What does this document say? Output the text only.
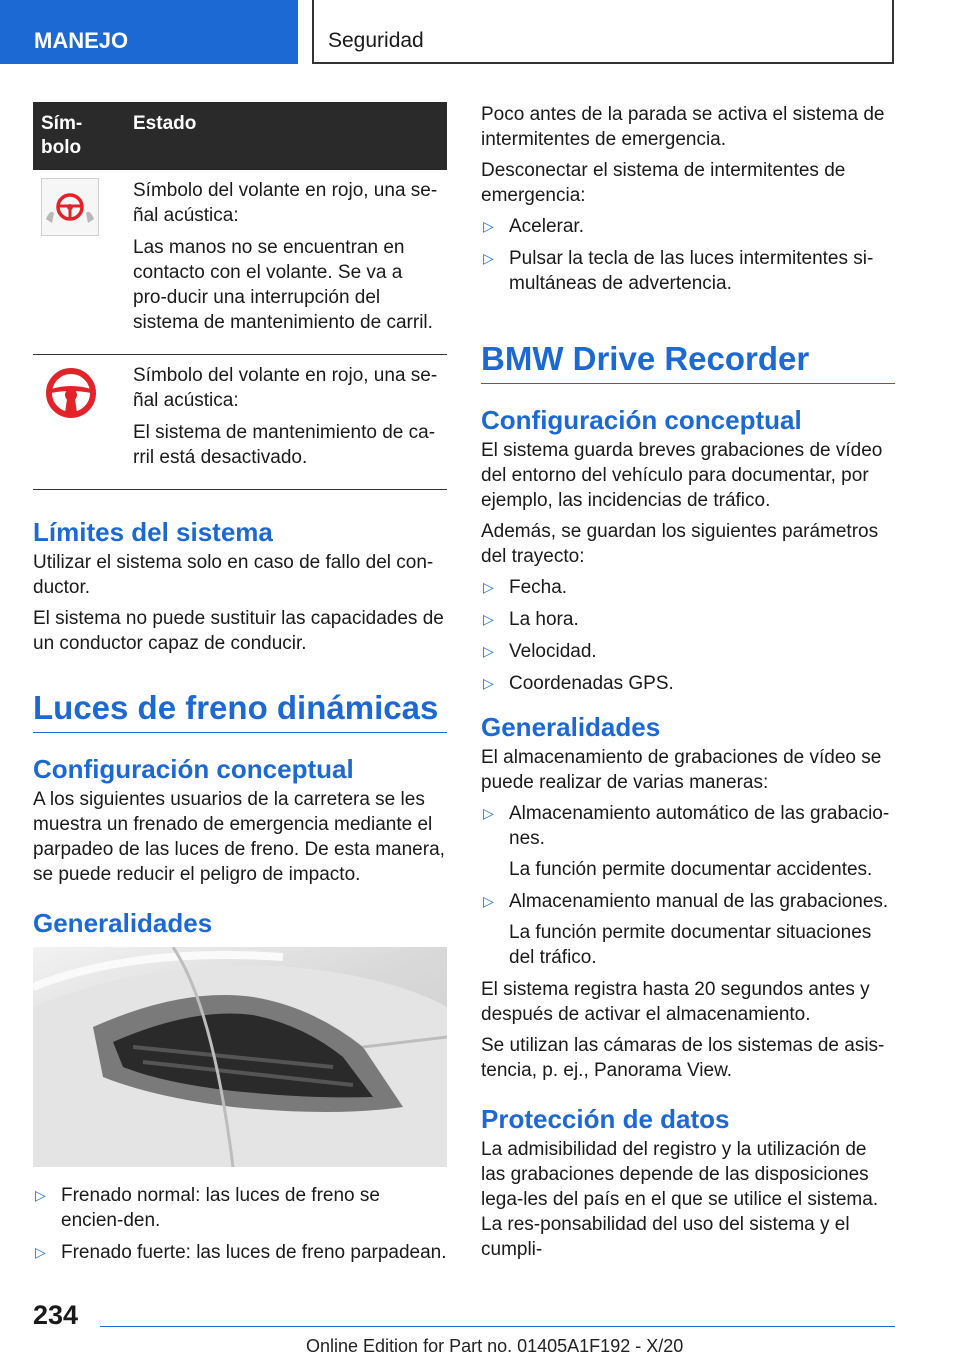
MANEJO	Seguridad
Sím-
bolo	Estado

Símbolo del volante en rojo, una se-ñal acústica:

Las manos no se encuentran en contacto con el volante. Se va a pro-ducir una interrupción del sistema de mantenimiento de carril.

Símbolo del volante en rojo, una se-ñal acústica:

El sistema de mantenimiento de ca-rril está desactivado.

Límites del sistema

Utilizar el sistema solo en caso de fallo del con-ductor.

El sistema no puede sustituir las capacidades de un conductor capaz de conducir.

Luces de freno dinámicas
Configuración conceptual

A los siguientes usuarios de la carretera se les muestra un frenado de emergencia mediante el parpadeo de las luces de freno. De esta manera, se puede reducir el peligro de impacto.

Generalidades
▷ Frenado normal: las luces de freno se encien-den.
▷ Frenado fuerte: las luces de freno parpadean.

Poco antes de la parada se activa el sistema de intermitentes de emergencia.

Desconectar el sistema de intermitentes de emergencia:

▷ Acelerar.
▷ Pulsar la tecla de las luces intermitentes si-multáneas de advertencia.
BMW Drive Recorder
Configuración conceptual

El sistema guarda breves grabaciones de vídeo del entorno del vehículo para documentar, por ejemplo, las incidencias de tráfico.

Además, se guardan los siguientes parámetros del trayecto:

▷ Fecha.
▷ La hora.
▷ Velocidad.
▷ Coordenadas GPS.
Generalidades

El almacenamiento de grabaciones de vídeo se puede realizar de varias maneras:

▷ Almacenamiento automático de las grabacio-nes.

La función permite documentar accidentes.

▷ Almacenamiento manual de las grabaciones.

La función permite documentar situaciones del tráfico.

El sistema registra hasta 20 segundos antes y después de activar el almacenamiento.

Se utilizan las cámaras de los sistemas de asis-tencia, p. ej., Panorama View.

Protección de datos

La admisibilidad del registro y la utilización de las grabaciones depende de las disposiciones lega-les del país en el que se utilice el sistema. La res-ponsabilidad del uso del sistema y el cumpli-

234
Online Edition for Part no. 01405A1F192 - X/20
